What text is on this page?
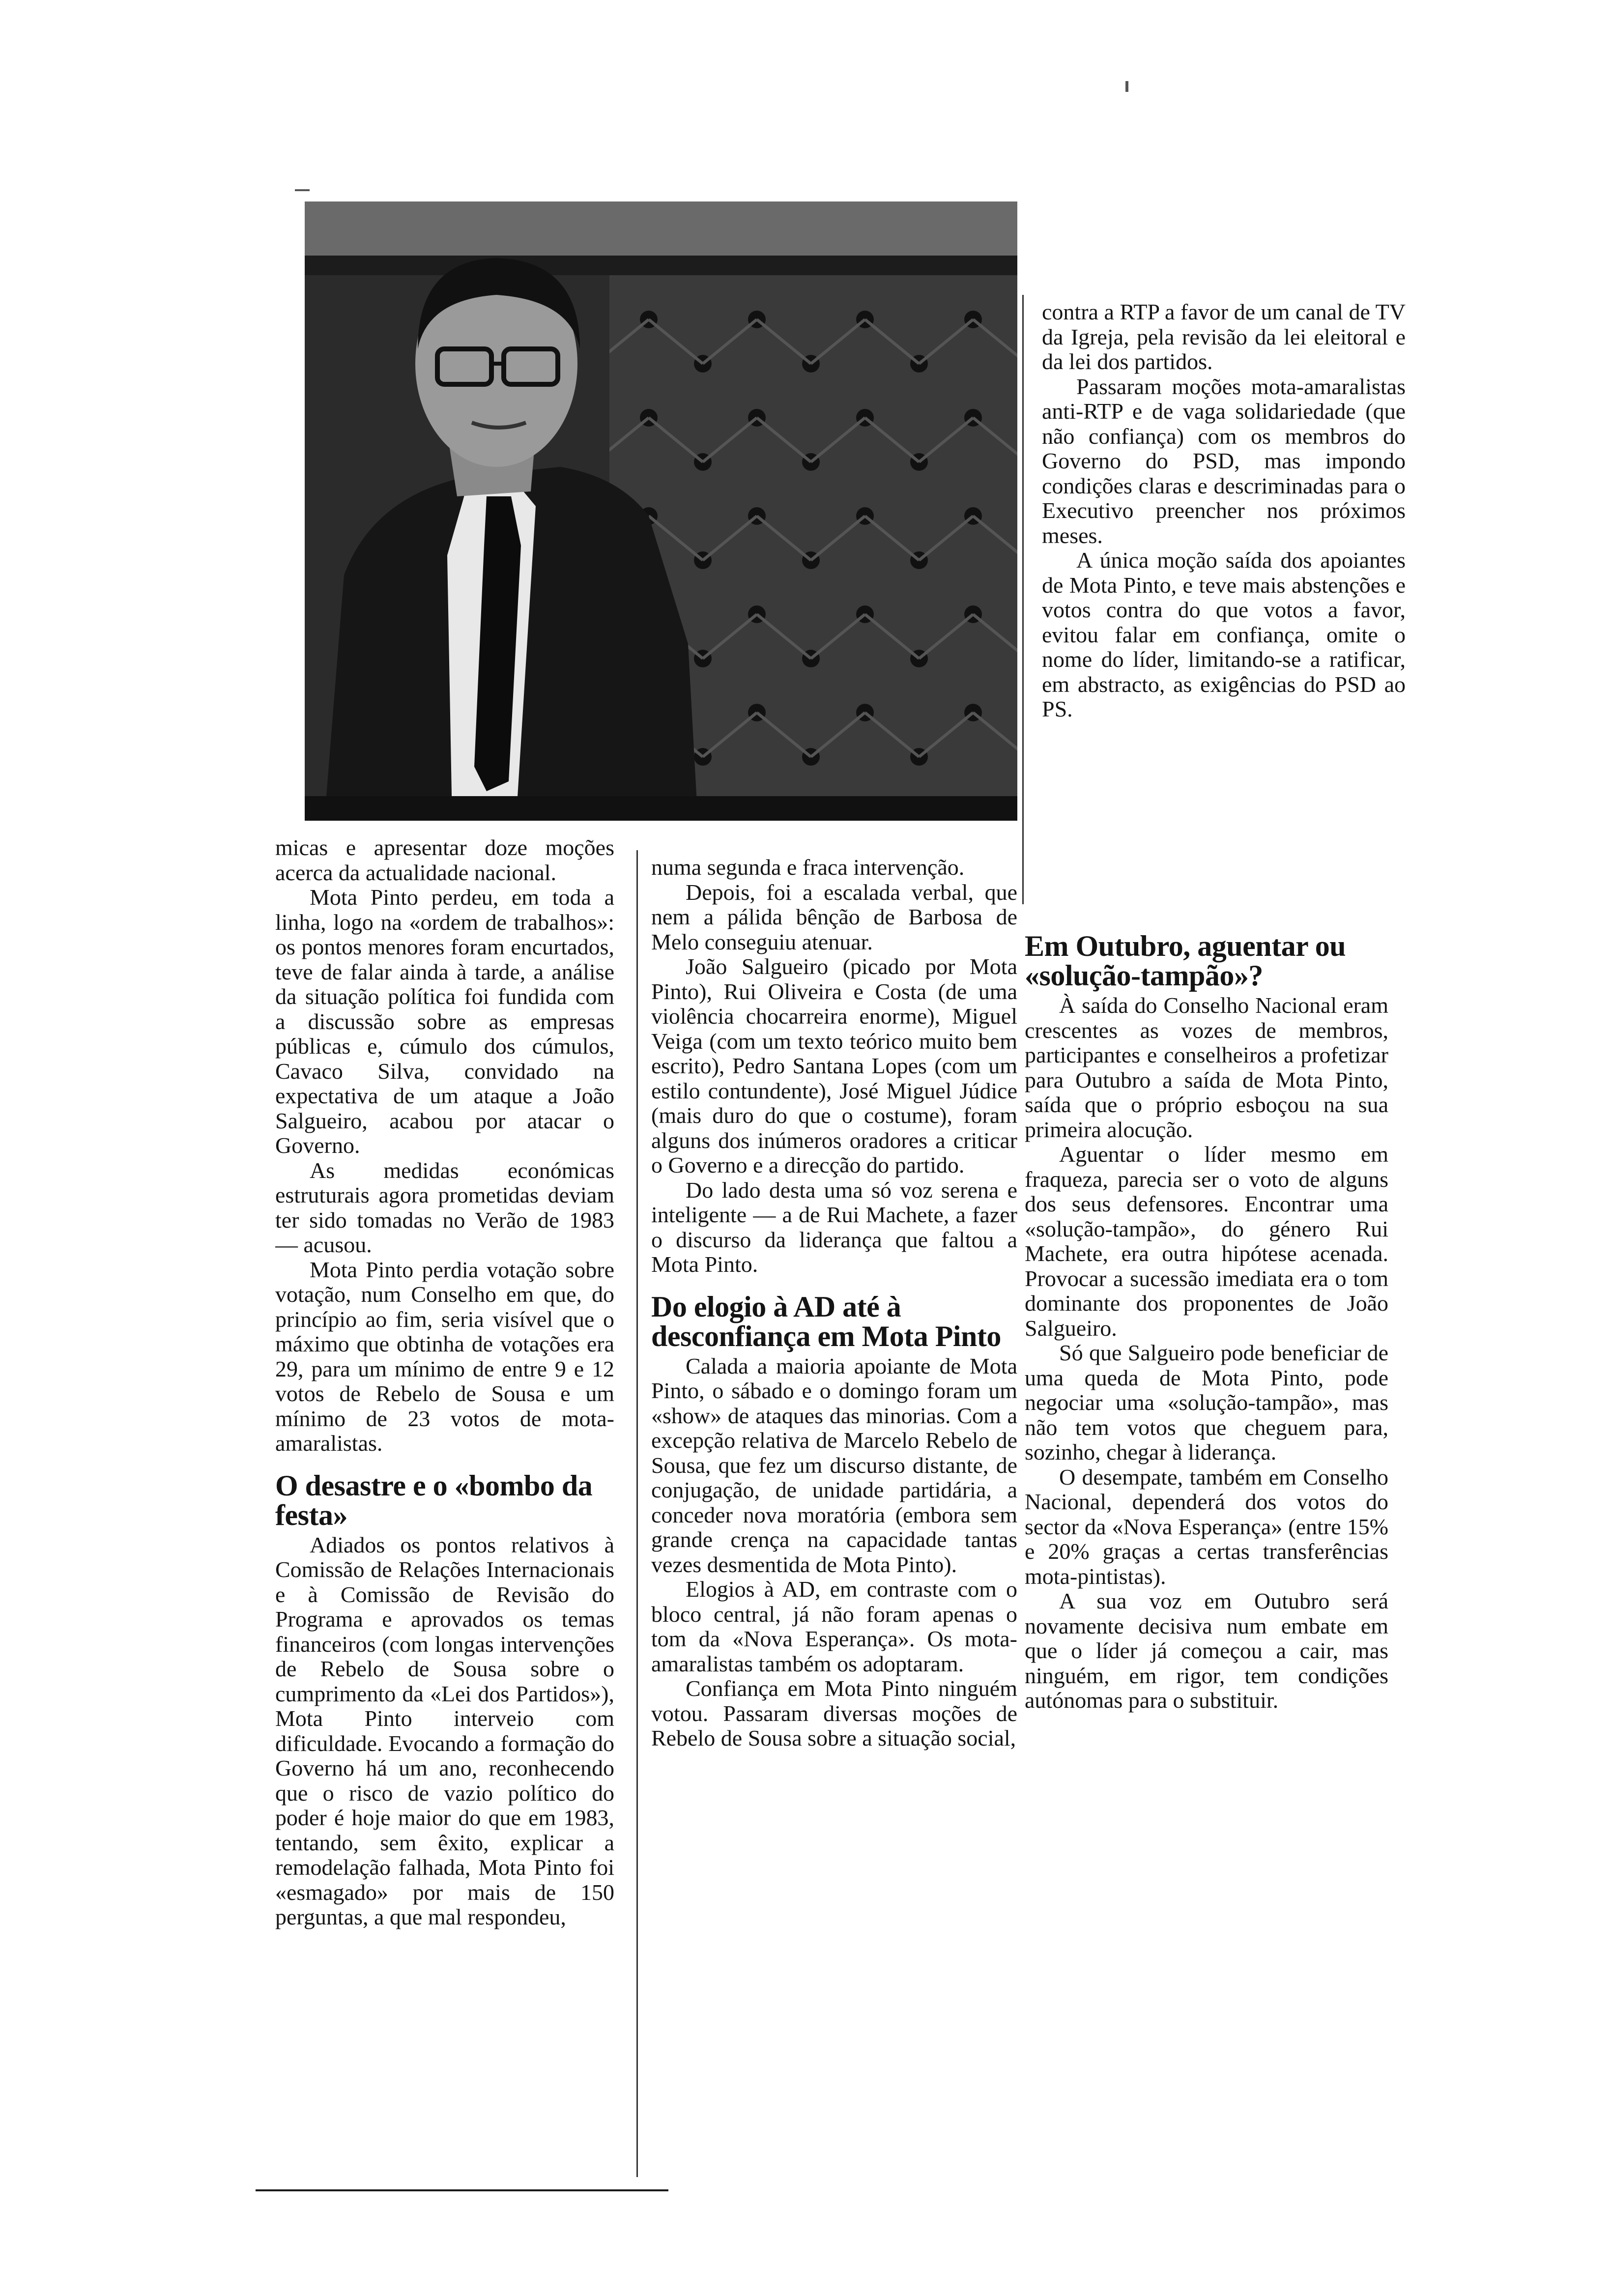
micas e apresentar doze moções acerca da actualidade nacional.

Mota Pinto perdeu, em toda a linha, logo na «ordem de trabalhos»: os pontos menores foram encurtados, teve de falar ainda à tarde, a análise da situação política foi fundida com a discussão sobre as empresas públicas e, cúmulo dos cúmulos, Cavaco Silva, convidado na expectativa de um ataque a João Salgueiro, acabou por atacar o Governo.

As medidas económicas estruturais agora prometidas deviam ter sido tomadas no Verão de 1983 — acusou.

Mota Pinto perdia votação sobre votação, num Conselho em que, do princípio ao fim, seria visível que o máximo que obtinha de votações era 29, para um mínimo de entre 9 e 12 votos de Rebelo de Sousa e um mínimo de 23 votos de mota-amaralistas.

O desastre e o «bombo da festa»

Adiados os pontos relativos à Comissão de Relações Internacionais e à Comissão de Revisão do Programa e aprovados os temas financeiros (com longas intervenções de Rebelo de Sousa sobre o cumprimento da «Lei dos Partidos»), Mota Pinto interveio com dificuldade. Evocando a formação do Governo há um ano, reconhecendo que o risco de vazio político do poder é hoje maior do que em 1983, tentando, sem êxito, explicar a remodelação falhada, Mota Pinto foi «esmagado» por mais de 150 perguntas, a que mal respondeu,

numa segunda e fraca intervenção.

Depois, foi a escalada verbal, que nem a pálida bênção de Barbosa de Melo conseguiu atenuar.

João Salgueiro (picado por Mota Pinto), Rui Oliveira e Costa (de uma violência chocarreira enorme), Miguel Veiga (com um texto teórico muito bem escrito), Pedro Santana Lopes (com um estilo contundente), José Miguel Júdice (mais duro do que o costume), foram alguns dos inúmeros oradores a criticar o Governo e a direcção do partido.

Do lado desta uma só voz serena e inteligente — a de Rui Machete, a fazer o discurso da liderança que faltou a Mota Pinto.

Do elogio à AD até à desconfiança em Mota Pinto

Calada a maioria apoiante de Mota Pinto, o sábado e o domingo foram um «show» de ataques das minorias. Com a excepção relativa de Marcelo Rebelo de Sousa, que fez um discurso distante, de conjugação, de unidade partidária, a conceder nova moratória (embora sem grande crença na capacidade tantas vezes desmentida de Mota Pinto).

Elogios à AD, em contraste com o bloco central, já não foram apenas o tom da «Nova Esperança». Os mota-amaralistas também os adoptaram.

Confiança em Mota Pinto ninguém votou. Passaram diversas moções de Rebelo de Sousa sobre a situação social,

contra a RTP a favor de um canal de TV da Igreja, pela revisão da lei eleitoral e da lei dos partidos.

Passaram moções mota-amaralistas anti-RTP e de vaga solidariedade (que não confiança) com os membros do Governo do PSD, mas impondo condições claras e descriminadas para o Executivo preencher nos próximos meses.

A única moção saída dos apoiantes de Mota Pinto, e teve mais abstenções e votos contra do que votos a favor, evitou falar em confiança, omite o nome do líder, limitando-se a ratificar, em abstracto, as exigências do PSD ao PS.

Em Outubro, aguentar ou «solução-tampão»?

À saída do Conselho Nacional eram crescentes as vozes de membros, participantes e conselheiros a profetizar para Outubro a saída de Mota Pinto, saída que o próprio esboçou na sua primeira alocução.

Aguentar o líder mesmo em fraqueza, parecia ser o voto de alguns dos seus defensores. Encontrar uma «solução-tampão», do género Rui Machete, era outra hipótese acenada. Provocar a sucessão imediata era o tom dominante dos proponentes de João Salgueiro.

Só que Salgueiro pode beneficiar de uma queda de Mota Pinto, pode negociar uma «solução-tampão», mas não tem votos que cheguem para, sozinho, chegar à liderança.

O desempate, também em Conselho Nacional, dependerá dos votos do sector da «Nova Esperança» (entre 15% e 20% graças a certas transferências mota-pintistas).

A sua voz em Outubro será novamente decisiva num embate em que o líder já começou a cair, mas ninguém, em rigor, tem condições autónomas para o substituir.
